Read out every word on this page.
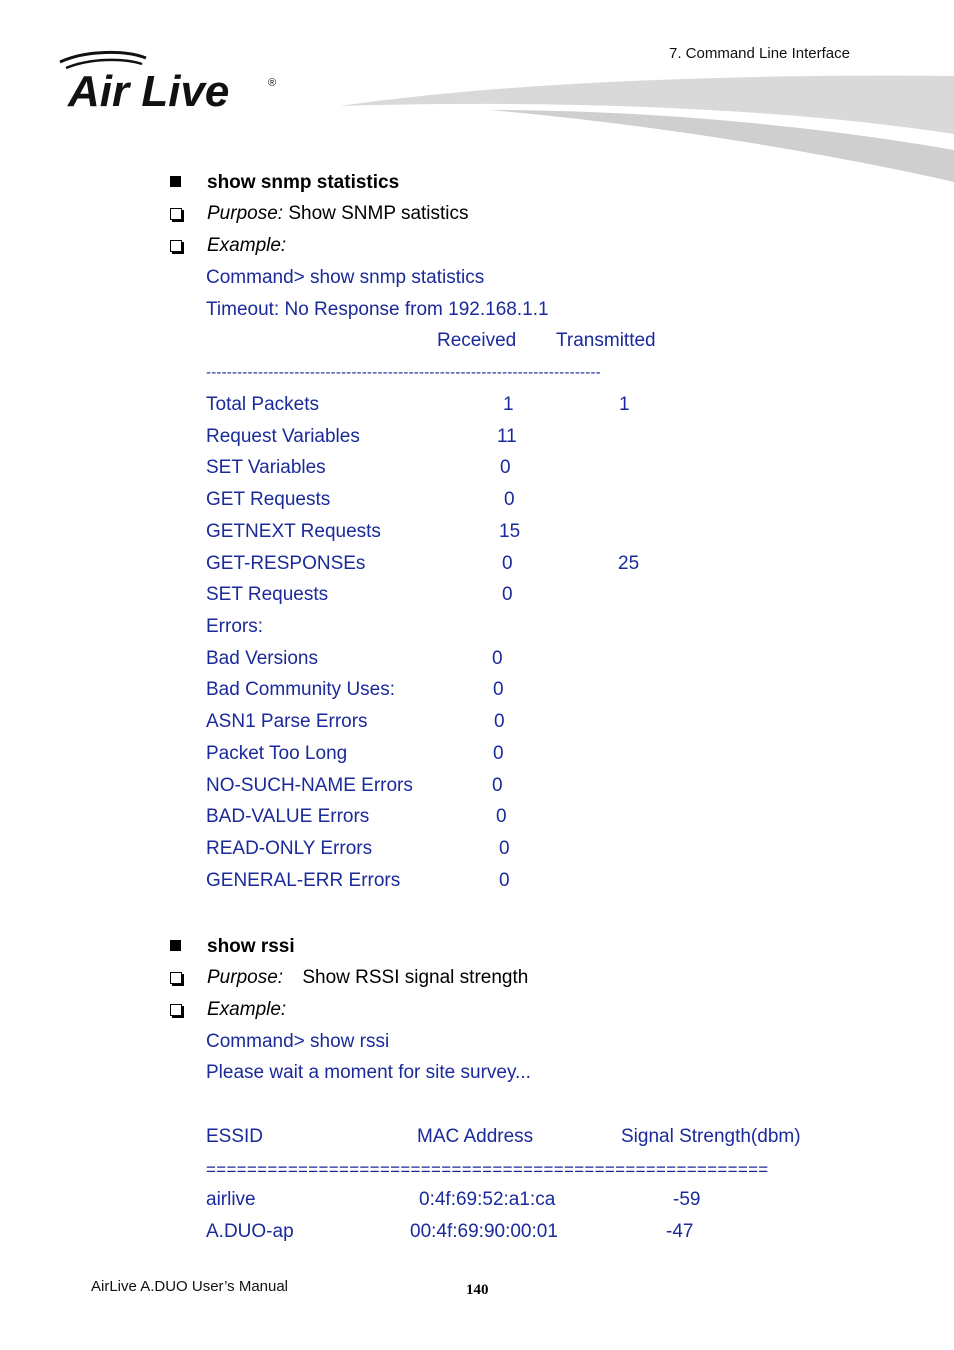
7. Command Line Interface
Air Live	®
show snmp statistics
Purpose: Show SNMP satistics
Example:
Command> show snmp statistics
Timeout: No Response from 192.168.1.1
Received Transmitted
----------------------------------------------------------------------------
Total Packets	1	1
Request Variables	11
SET Variables	0
GET Requests	0
GETNEXT Requests	15
GET-RESPONSEs	0	25
SET Requests	0
Errors:
Bad Versions	0
Bad Community Uses:	0
ASN1 Parse Errors	0
Packet Too Long	0
NO-SUCH-NAME Errors	0
BAD-VALUE Errors	0
READ-ONLY Errors	0
GENERAL-ERR Errors	0
show rssi
Purpose: Show RSSI signal strength
Example:
Command> show rssi
Please wait a moment for site survey...
ESSID	MAC Address	Signal Strength(dbm)
=======================================================
airlive	0:4f:69:52:a1:ca	-59
A.DUO-ap	00:4f:69:90:00:01	-47
AirLive A.DUO User’s Manual	140
